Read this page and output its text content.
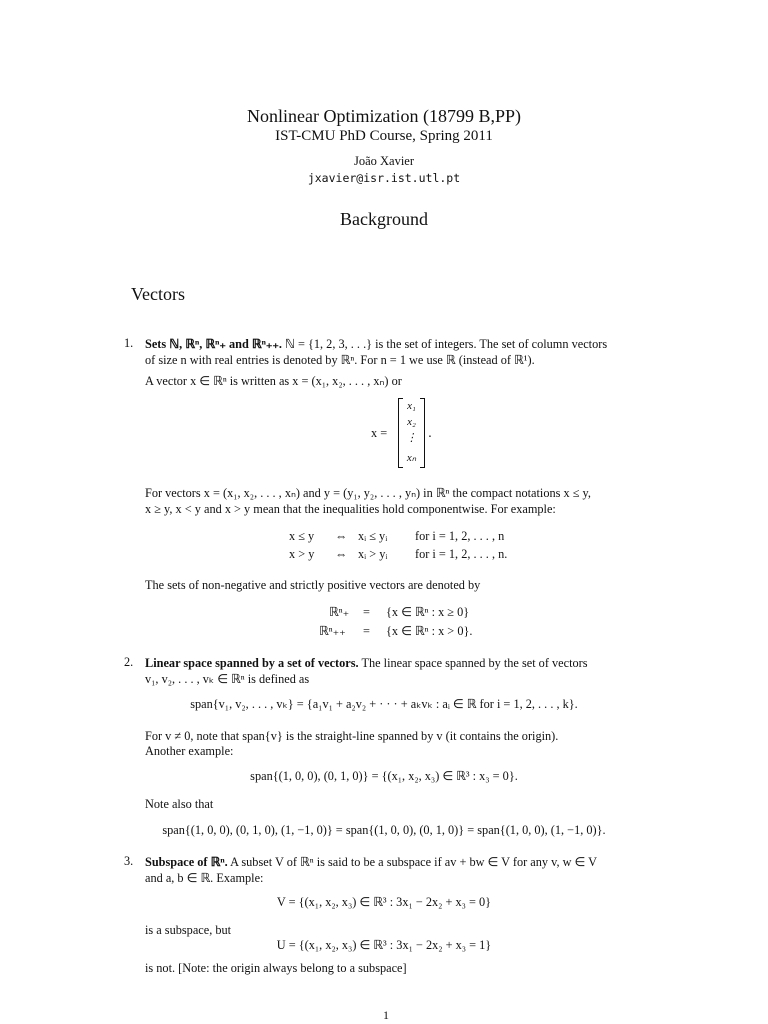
Nonlinear Optimization (18799 B,PP)
IST-CMU PhD Course, Spring 2011
João Xavier
jxavier@isr.ist.utl.pt
Background
Vectors
1. Sets ℕ, ℝⁿ, ℝⁿ₊ and ℝⁿ₊₊. ℕ = {1, 2, 3, . . .} is the set of integers. The set of column vectors
of size n with real entries is denoted by ℝⁿ. For n = 1 we use ℝ (instead of ℝ¹).
A vector x ∈ ℝⁿ is written as x = (x₁, x₂, . . . , xₙ) or
x =
x₁
x₂
⋮
xₙ
.
For vectors x = (x₁, x₂, . . . , xₙ) and y = (y₁, y₂, . . . , yₙ) in ℝⁿ the compact notations x ≤ y,
x ≥ y, x < y and x > y mean that the inequalities hold componentwise. For example:
x ≤ y ⇔ xᵢ ≤ yᵢ for i = 1, 2, . . . , n
x > y ⇔ xᵢ > yᵢ for i = 1, 2, . . . , n.
The sets of non-negative and strictly positive vectors are denoted by
ℝⁿ₊ = {x ∈ ℝⁿ : x ≥ 0}
ℝⁿ₊₊ = {x ∈ ℝⁿ : x > 0}.
2. Linear space spanned by a set of vectors. The linear space spanned by the set of vectors
v₁, v₂, . . . , vₖ ∈ ℝⁿ is defined as
span{v₁, v₂, . . . , vₖ} = {a₁v₁ + a₂v₂ + · · · + aₖvₖ : aᵢ ∈ ℝ for i = 1, 2, . . . , k}.
For v ≠ 0, note that span{v} is the straight-line spanned by v (it contains the origin).
Another example:
span{(1, 0, 0), (0, 1, 0)} = {(x₁, x₂, x₃) ∈ ℝ³ : x₃ = 0}.
Note also that
span{(1, 0, 0), (0, 1, 0), (1, −1, 0)} = span{(1, 0, 0), (0, 1, 0)} = span{(1, 0, 0), (1, −1, 0)}.
3. Subspace of ℝⁿ. A subset V of ℝⁿ is said to be a subspace if av + bw ∈ V for any v, w ∈ V
and a, b ∈ ℝ. Example:
V = {(x₁, x₂, x₃) ∈ ℝ³ : 3x₁ − 2x₂ + x₃ = 0}
is a subspace, but
U = {(x₁, x₂, x₃) ∈ ℝ³ : 3x₁ − 2x₂ + x₃ = 1}
is not. [Note: the origin always belong to a subspace]
1
